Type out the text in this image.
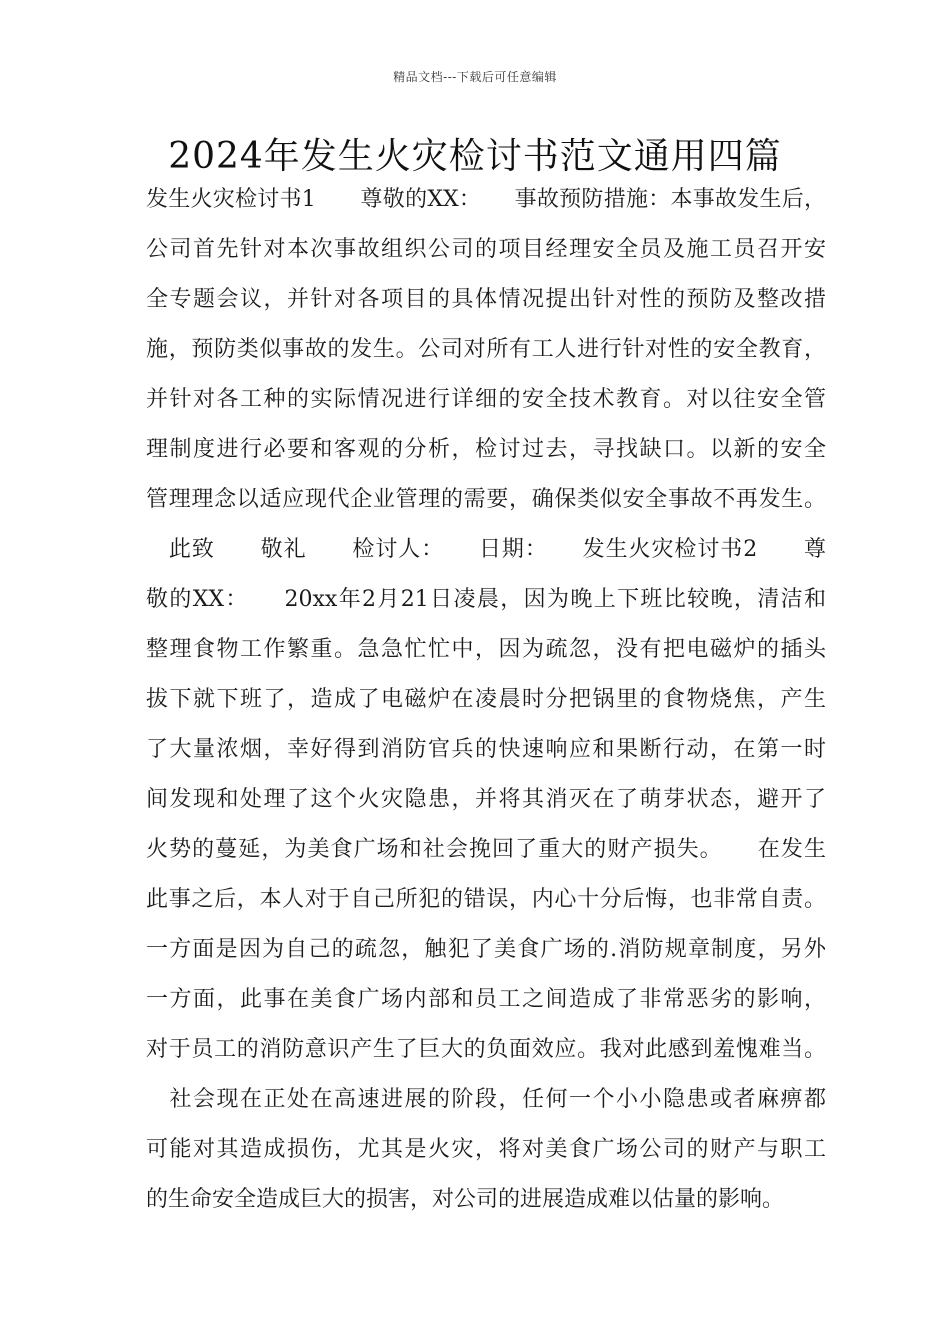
精品文档---下载后可任意编辑
2024年发生火灾检讨书范文通用四篇
发生火灾检讨书1　　尊敬的XX：　　事故预防措施：本事故发生后，
公司首先针对本次事故组织公司的项目经理安全员及施工员召开安
全专题会议，并针对各项目的具体情况提出针对性的预防及整改措
施，预防类似事故的发生。公司对所有工人进行针对性的安全教育，
并针对各工种的实际情况进行详细的安全技术教育。对以往安全管
理制度进行必要和客观的分析，检讨过去，寻找缺口。以新的安全
管理理念以适应现代企业管理的需要，确保类似安全事故不再发生。
　此致　　敬礼　　检讨人：　　日期：　　发生火灾检讨书2　　尊
敬的XX：　　20xx年2月21日凌晨，因为晚上下班比较晚，清洁和
整理食物工作繁重。急急忙忙中，因为疏忽，没有把电磁炉的插头
拔下就下班了，造成了电磁炉在凌晨时分把锅里的食物烧焦，产生
了大量浓烟，幸好得到消防官兵的快速响应和果断行动，在第一时
间发现和处理了这个火灾隐患，并将其消灭在了萌芽状态，避开了
火势的蔓延，为美食广场和社会挽回了重大的财产损失。　　在发生
此事之后，本人对于自己所犯的错误，内心十分后悔，也非常自责。
一方面是因为自己的疏忽，触犯了美食广场的.消防规章制度，另外
一方面，此事在美食广场内部和员工之间造成了非常恶劣的影响，
对于员工的消防意识产生了巨大的负面效应。我对此感到羞愧难当。
　社会现在正处在高速进展的阶段，任何一个小小隐患或者麻痹都
可能对其造成损伤，尤其是火灾，将对美食广场公司的财产与职工
的生命安全造成巨大的损害，对公司的进展造成难以估量的影响。
